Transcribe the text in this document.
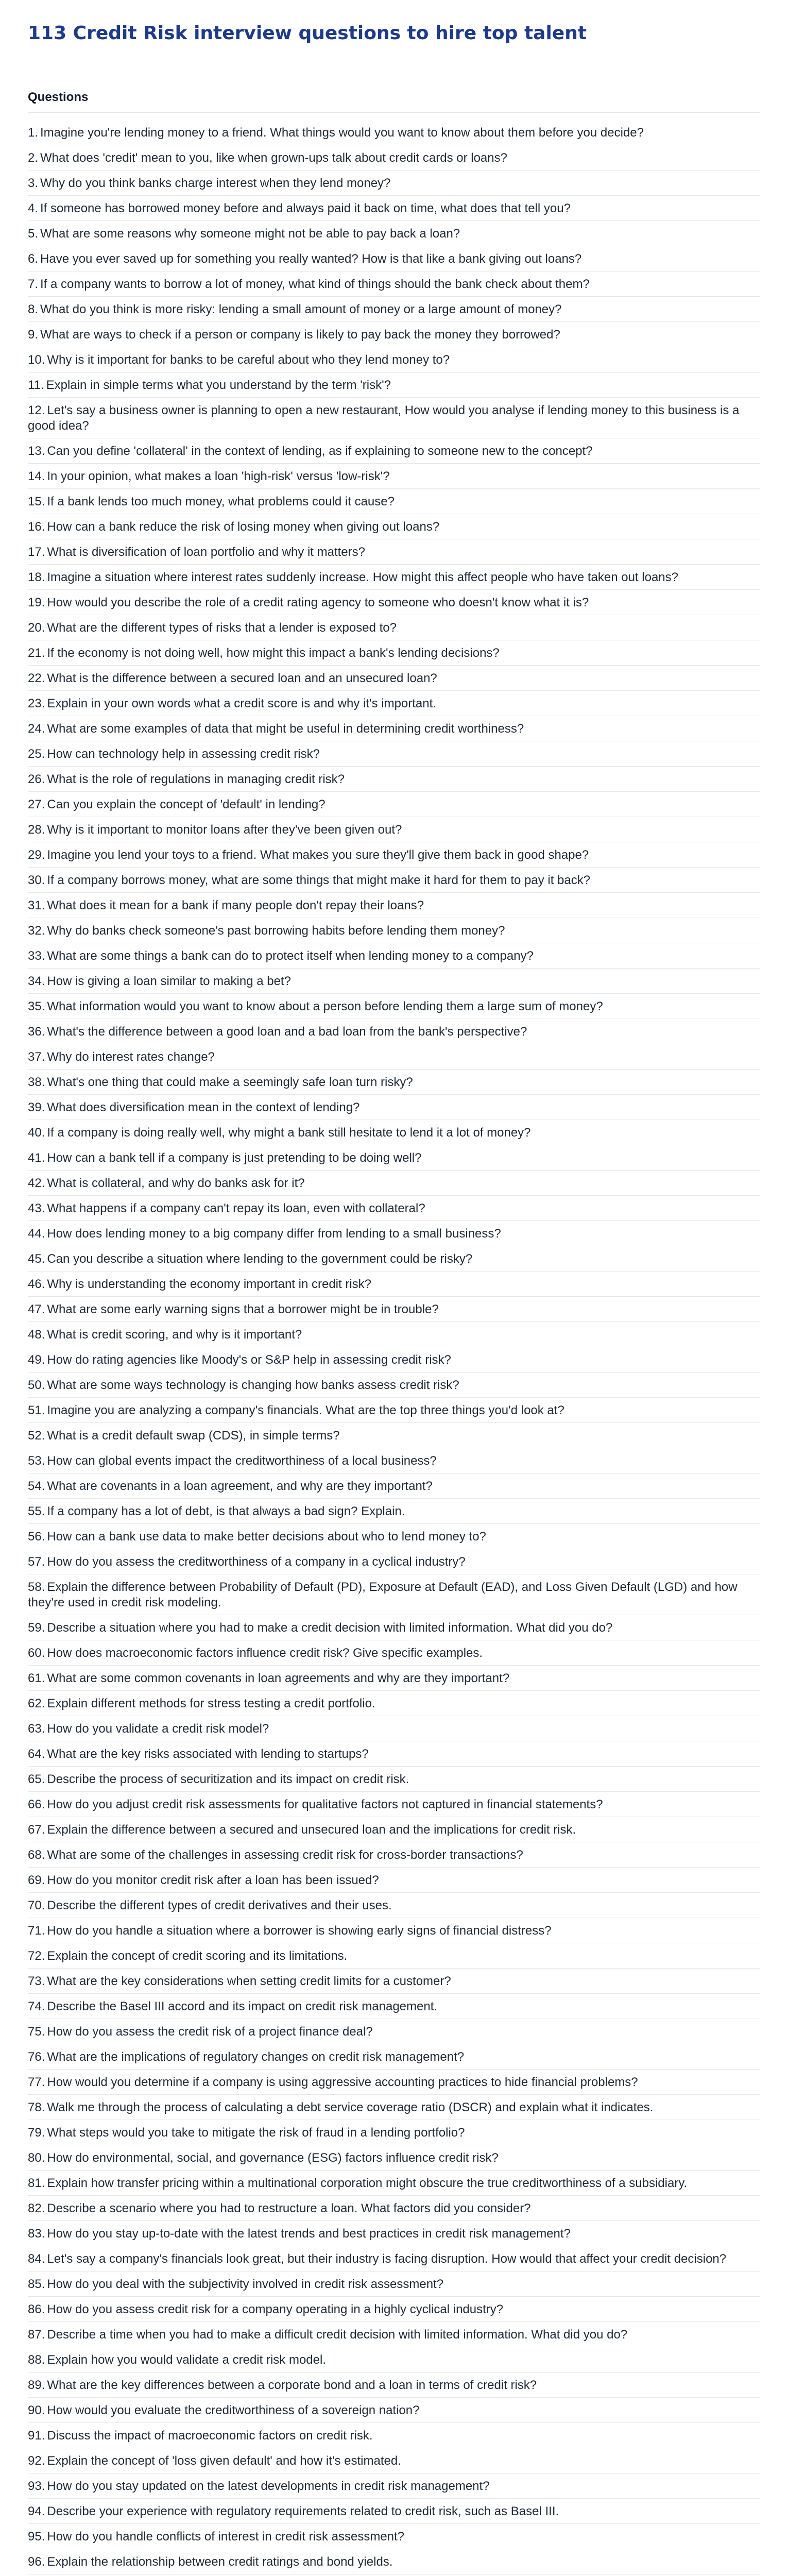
113 Credit Risk interview questions to hire top talent
Questions
1. Imagine you're lending money to a friend. What things would you want to know about them before you decide?
2. What does 'credit' mean to you, like when grown-ups talk about credit cards or loans?
3. Why do you think banks charge interest when they lend money?
4. If someone has borrowed money before and always paid it back on time, what does that tell you?
5. What are some reasons why someone might not be able to pay back a loan?
6. Have you ever saved up for something you really wanted? How is that like a bank giving out loans?
7. If a company wants to borrow a lot of money, what kind of things should the bank check about them?
8. What do you think is more risky: lending a small amount of money or a large amount of money?
9. What are ways to check if a person or company is likely to pay back the money they borrowed?
10. Why is it important for banks to be careful about who they lend money to?
11. Explain in simple terms what you understand by the term 'risk'?
12. Let's say a business owner is planning to open a new restaurant, How would you analyse if lending money to this business is a good idea?
13. Can you define 'collateral' in the context of lending, as if explaining to someone new to the concept?
14. In your opinion, what makes a loan 'high-risk' versus 'low-risk'?
15. If a bank lends too much money, what problems could it cause?
16. How can a bank reduce the risk of losing money when giving out loans?
17. What is diversification of loan portfolio and why it matters?
18. Imagine a situation where interest rates suddenly increase. How might this affect people who have taken out loans?
19. How would you describe the role of a credit rating agency to someone who doesn't know what it is?
20. What are the different types of risks that a lender is exposed to?
21. If the economy is not doing well, how might this impact a bank's lending decisions?
22. What is the difference between a secured loan and an unsecured loan?
23. Explain in your own words what a credit score is and why it's important.
24. What are some examples of data that might be useful in determining credit worthiness?
25. How can technology help in assessing credit risk?
26. What is the role of regulations in managing credit risk?
27. Can you explain the concept of 'default' in lending?
28. Why is it important to monitor loans after they've been given out?
29. Imagine you lend your toys to a friend. What makes you sure they'll give them back in good shape?
30. If a company borrows money, what are some things that might make it hard for them to pay it back?
31. What does it mean for a bank if many people don't repay their loans?
32. Why do banks check someone's past borrowing habits before lending them money?
33. What are some things a bank can do to protect itself when lending money to a company?
34. How is giving a loan similar to making a bet?
35. What information would you want to know about a person before lending them a large sum of money?
36. What's the difference between a good loan and a bad loan from the bank's perspective?
37. Why do interest rates change?
38. What's one thing that could make a seemingly safe loan turn risky?
39. What does diversification mean in the context of lending?
40. If a company is doing really well, why might a bank still hesitate to lend it a lot of money?
41. How can a bank tell if a company is just pretending to be doing well?
42. What is collateral, and why do banks ask for it?
43. What happens if a company can't repay its loan, even with collateral?
44. How does lending money to a big company differ from lending to a small business?
45. Can you describe a situation where lending to the government could be risky?
46. Why is understanding the economy important in credit risk?
47. What are some early warning signs that a borrower might be in trouble?
48. What is credit scoring, and why is it important?
49. How do rating agencies like Moody's or S&P help in assessing credit risk?
50. What are some ways technology is changing how banks assess credit risk?
51. Imagine you are analyzing a company's financials. What are the top three things you'd look at?
52. What is a credit default swap (CDS), in simple terms?
53. How can global events impact the creditworthiness of a local business?
54. What are covenants in a loan agreement, and why are they important?
55. If a company has a lot of debt, is that always a bad sign? Explain.
56. How can a bank use data to make better decisions about who to lend money to?
57. How do you assess the creditworthiness of a company in a cyclical industry?
58. Explain the difference between Probability of Default (PD), Exposure at Default (EAD), and Loss Given Default (LGD) and how they're used in credit risk modeling.
59. Describe a situation where you had to make a credit decision with limited information. What did you do?
60. How does macroeconomic factors influence credit risk? Give specific examples.
61. What are some common covenants in loan agreements and why are they important?
62. Explain different methods for stress testing a credit portfolio.
63. How do you validate a credit risk model?
64. What are the key risks associated with lending to startups?
65. Describe the process of securitization and its impact on credit risk.
66. How do you adjust credit risk assessments for qualitative factors not captured in financial statements?
67. Explain the difference between a secured and unsecured loan and the implications for credit risk.
68. What are some of the challenges in assessing credit risk for cross-border transactions?
69. How do you monitor credit risk after a loan has been issued?
70. Describe the different types of credit derivatives and their uses.
71. How do you handle a situation where a borrower is showing early signs of financial distress?
72. Explain the concept of credit scoring and its limitations.
73. What are the key considerations when setting credit limits for a customer?
74. Describe the Basel III accord and its impact on credit risk management.
75. How do you assess the credit risk of a project finance deal?
76. What are the implications of regulatory changes on credit risk management?
77. How would you determine if a company is using aggressive accounting practices to hide financial problems?
78. Walk me through the process of calculating a debt service coverage ratio (DSCR) and explain what it indicates.
79. What steps would you take to mitigate the risk of fraud in a lending portfolio?
80. How do environmental, social, and governance (ESG) factors influence credit risk?
81. Explain how transfer pricing within a multinational corporation might obscure the true creditworthiness of a subsidiary.
82. Describe a scenario where you had to restructure a loan. What factors did you consider?
83. How do you stay up-to-date with the latest trends and best practices in credit risk management?
84. Let's say a company's financials look great, but their industry is facing disruption. How would that affect your credit decision?
85. How do you deal with the subjectivity involved in credit risk assessment?
86. How do you assess credit risk for a company operating in a highly cyclical industry?
87. Describe a time when you had to make a difficult credit decision with limited information. What did you do?
88. Explain how you would validate a credit risk model.
89. What are the key differences between a corporate bond and a loan in terms of credit risk?
90. How would you evaluate the creditworthiness of a sovereign nation?
91. Discuss the impact of macroeconomic factors on credit risk.
92. Explain the concept of 'loss given default' and how it's estimated.
93. How do you stay updated on the latest developments in credit risk management?
94. Describe your experience with regulatory requirements related to credit risk, such as Basel III.
95. How do you handle conflicts of interest in credit risk assessment?
96. Explain the relationship between credit ratings and bond yields.
